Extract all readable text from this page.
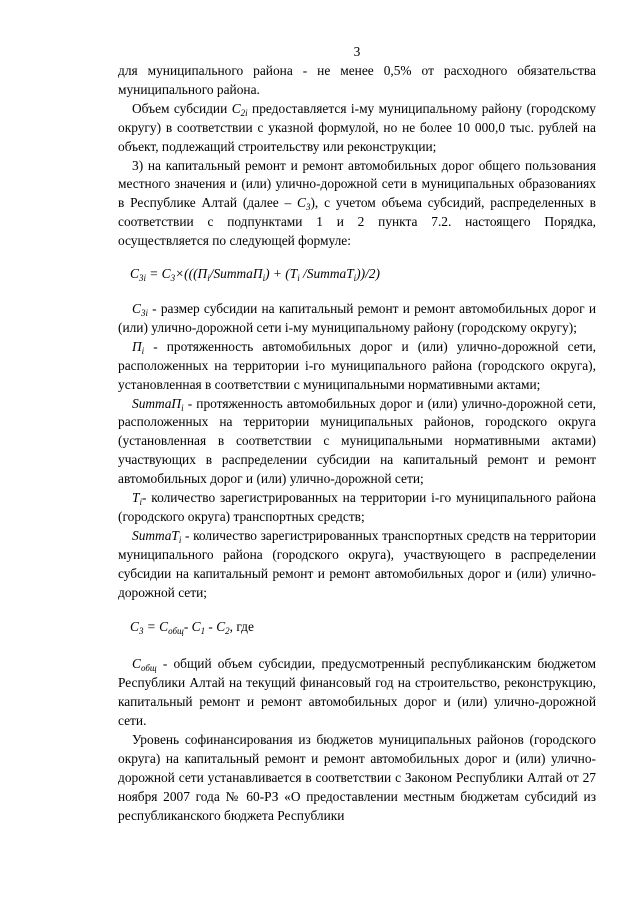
3

для муниципального района - не менее 0,5% от расходного обязательства муниципального района.

Объем субсидии $С_{2i}$ предоставляется i-му муниципальному району (городскому округу) в соответствии с указной формулой, но не более 10 000,0 тыс. рублей на объект, подлежащий строительству или реконструкции;

3) на капитальный ремонт и ремонт автомобильных дорог общего пользования местного значения и (или) улично-дорожной сети в муниципальных образованиях в Республике Алтай (далее – $С_3$), с учетом объема субсидий, распределенных в соответствии с подпунктами 1 и 2 пункта 7.2. настоящего Порядка, осуществляется по следующей формуле:

$С_{3i}$ = $С_3\times(((П_i/SummaП_i) + (Т_i$ /SummaТ$_i$))/2)

$С_{3i}$ - размер субсидии на капитальный ремонт и ремонт автомобильных дорог и (или) улично-дорожной сети i-му муниципальному району (городскому округу);

$П_i$ - протяженность автомобильных дорог и (или) улично-дорожной сети, расположенных на территории i-го муниципального района (городского округа), установленная в соответствии с муниципальными нормативными актами;

SummaП$_i$ - протяженность автомобильных дорог и (или) улично-дорожной сети, расположенных на территории муниципальных районов, городского округа (установленная в соответствии с муниципальными нормативными актами) участвующих в распределении субсидии на капитальный ремонт и ремонт автомобильных дорог и (или) улично-дорожной сети;

$Т_i-$ количество зарегистрированных на территории i-го муниципального района (городского округа) транспортных средств;

SummaТ$_i$ - количество зарегистрированных транспортных средств на территории муниципального района (городского округа), участвующего в распределении субсидии на капитальный ремонт и ремонт автомобильных дорог и (или) улично-дорожной сети;

$С_3 = С_{общ}-$ $С_1 - С_2$, где

$С_{общ}$ - общий объем субсидии, предусмотренный республиканским бюджетом Республики Алтай на текущий финансовый год на строительство, реконструкцию, капитальный ремонт и ремонт автомобильных дорог и (или) улично-дорожной сети.

Уровень софинансирования из бюджетов муниципальных районов (городского округа) на капитальный ремонт и ремонт автомобильных дорог и (или) улично-дорожной сети устанавливается в соответствии с Законом Республики Алтай от 27 ноября 2007 года № 60-РЗ «О предоставлении местным бюджетам субсидий из республиканского бюджета Республики
